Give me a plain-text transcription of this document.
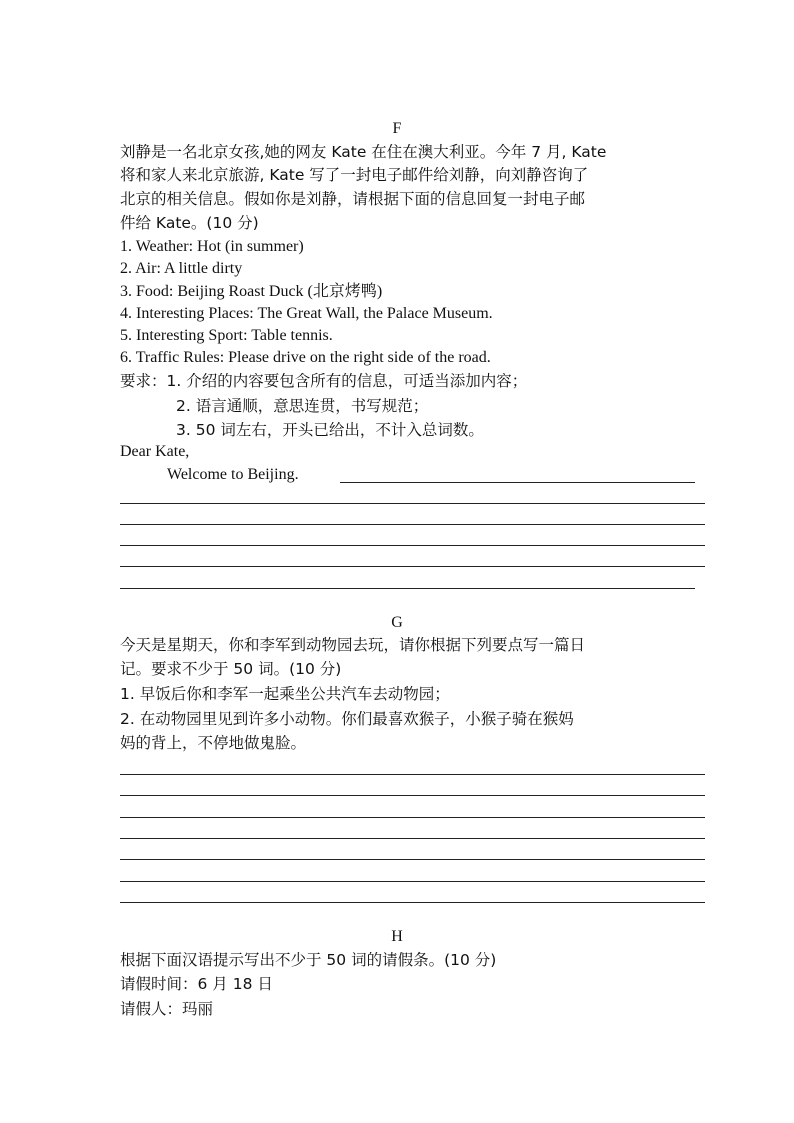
F
刘静是一名北京女孩,她的网友 Kate 在住在澳大利亚。今年 7 月, Kate
将和家人来北京旅游, Kate 写了一封电子邮件给刘静，向刘静咨询了
北京的相关信息。假如你是刘静，请根据下面的信息回复一封电子邮
件给 Kate。(10 分)
1. Weather: Hot (in summer)
2. Air: A little dirty
3. Food: Beijing Roast Duck (北京烤鸭)
4. Interesting Places: The Great Wall, the Palace Museum.
5. Interesting Sport: Table tennis.
6. Traffic Rules: Please drive on the right side of the road.
要求：1. 介绍的内容要包含所有的信息，可适当添加内容；
2. 语言通顺，意思连贯，书写规范；
3. 50 词左右，开头已给出，不计入总词数。
Dear Kate,
Welcome to Beijing.
G
今天是星期天，你和李军到动物园去玩，请你根据下列要点写一篇日
记。要求不少于 50 词。(10 分)
1. 早饭后你和李军一起乘坐公共汽车去动物园；
2. 在动物园里见到许多小动物。你们最喜欢猴子，小猴子骑在猴妈
妈的背上，不停地做鬼脸。
H
根据下面汉语提示写出不少于 50 词的请假条。(10 分)
请假时间：6 月 18 日
请假人：玛丽
